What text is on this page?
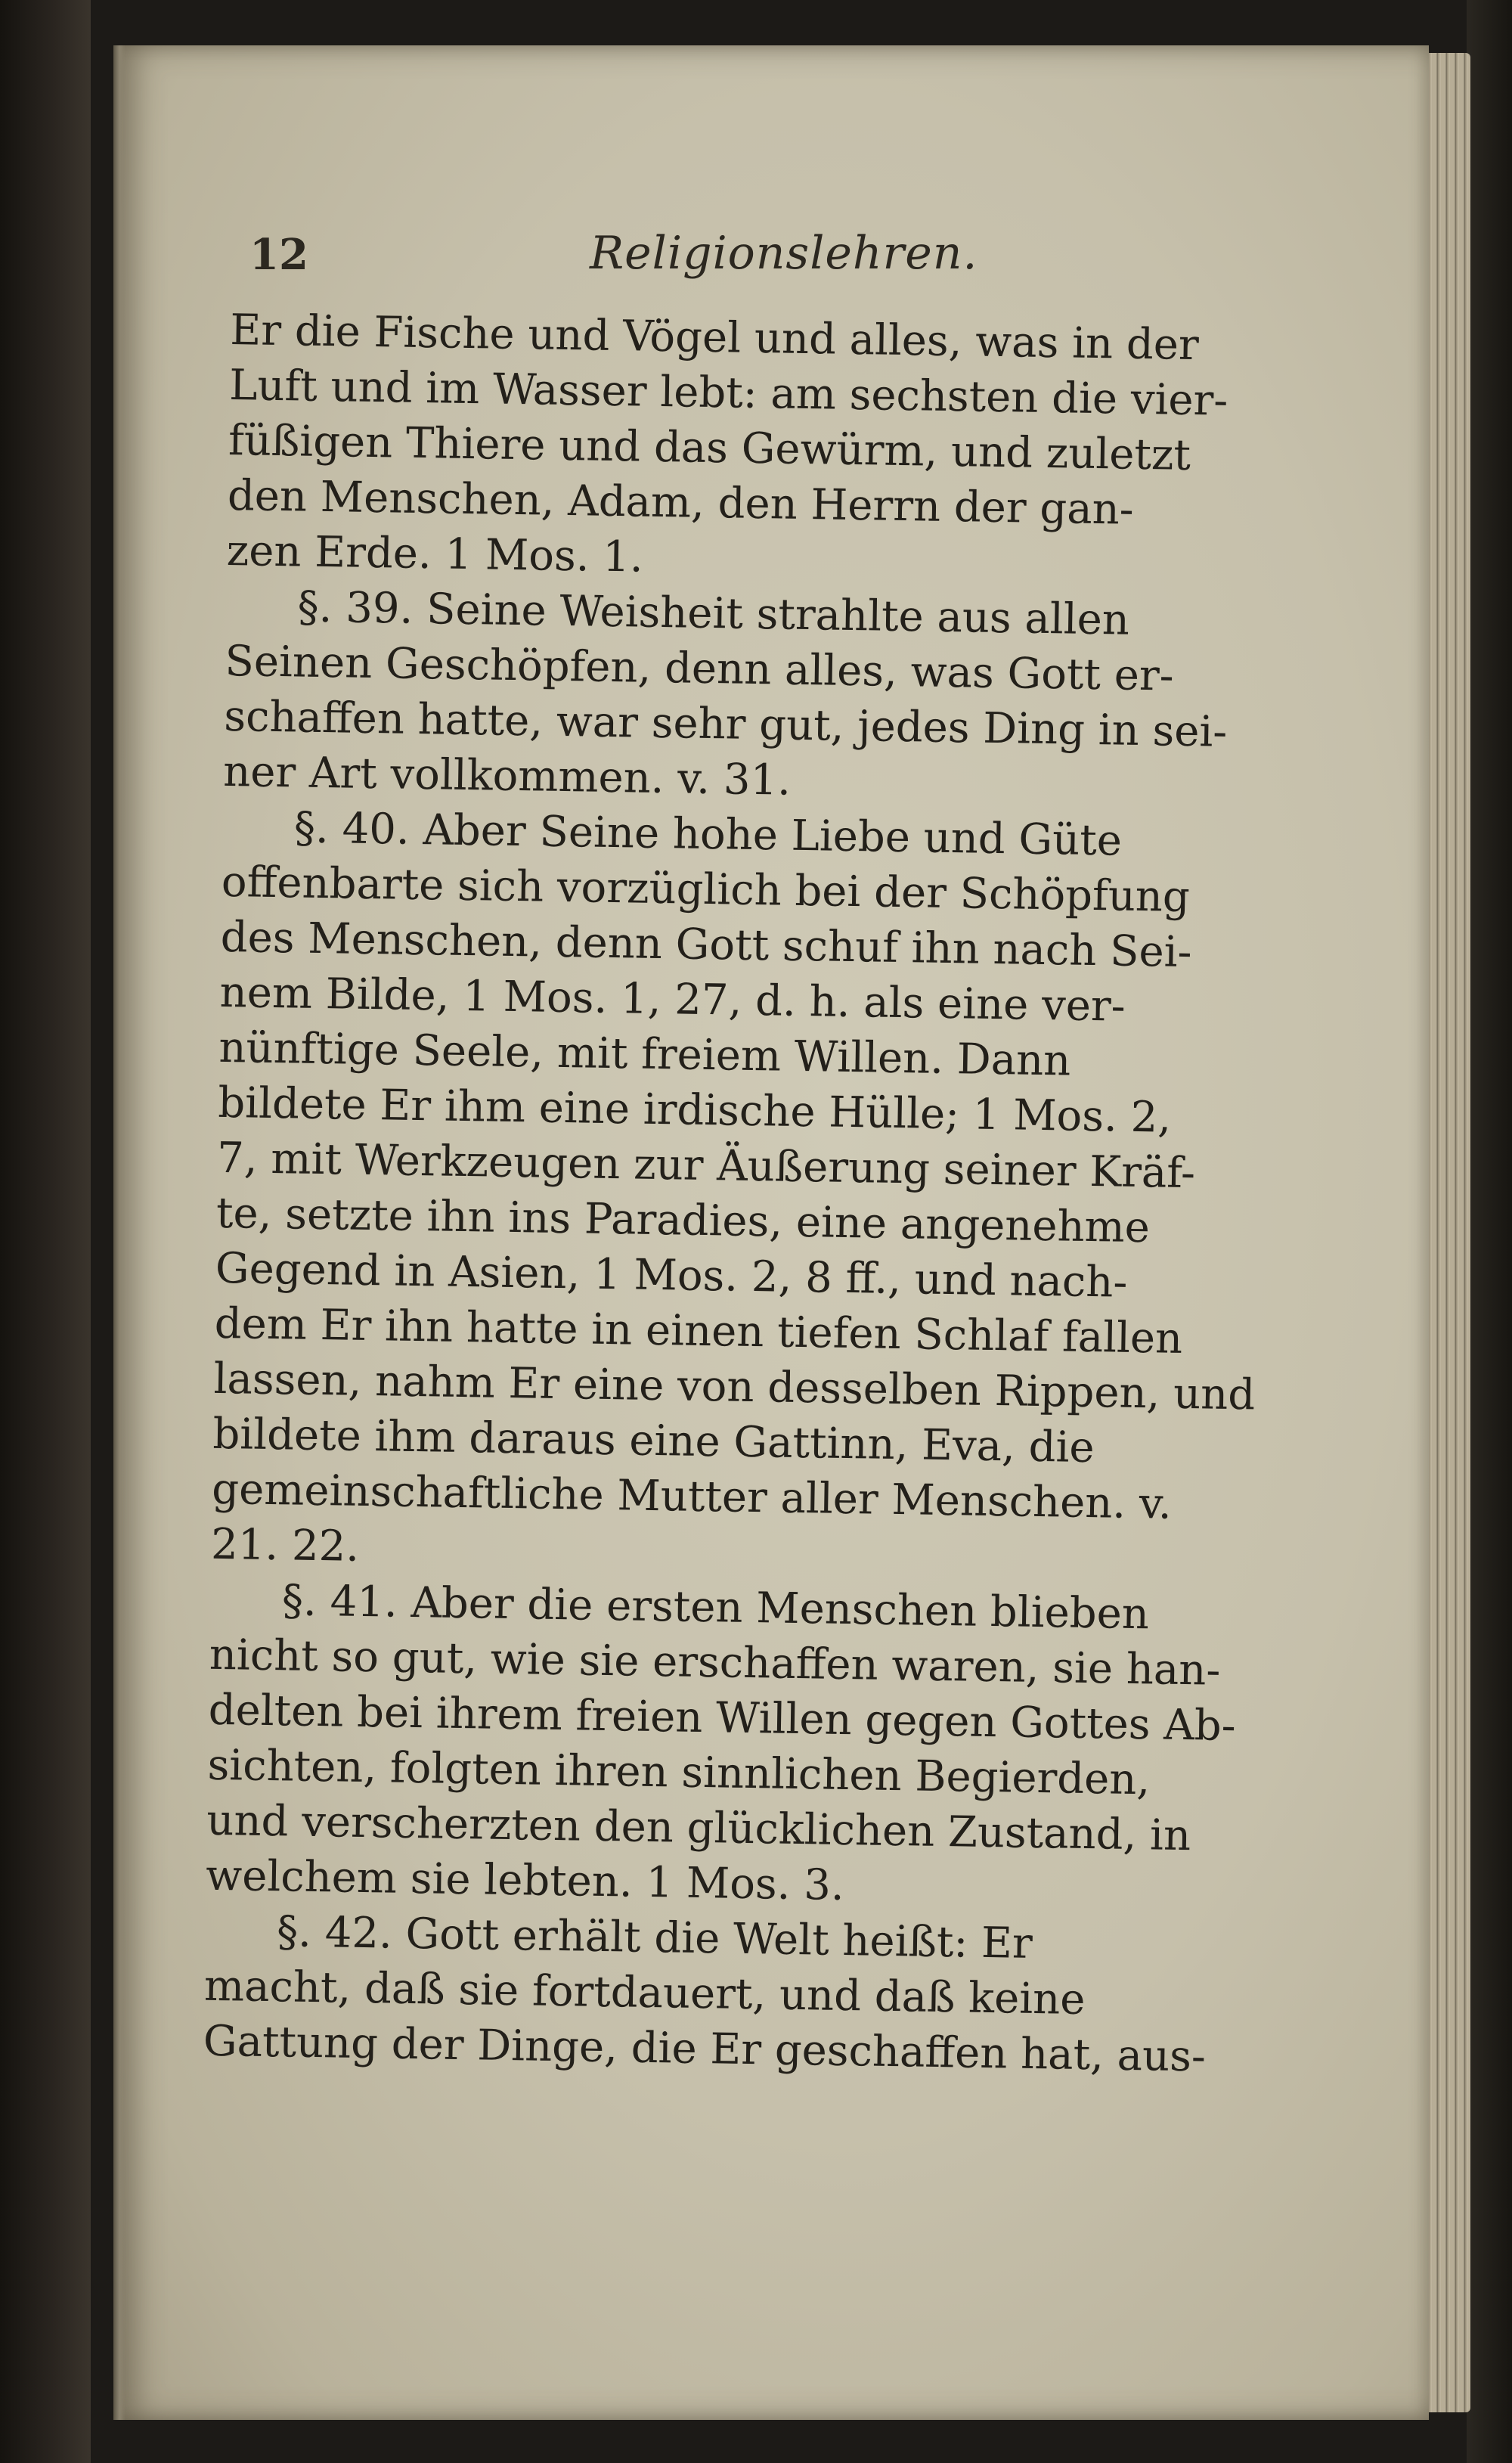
12	Religionslehren.
Er die Fische und Vögel und alles, was in der
Luft und im Wasser lebt: am sechsten die vier-
füßigen Thiere und das Gewürm, und zuletzt
den Menschen, Adam, den Herrn der gan-
zen Erde. 1 Mos. 1.
§. 39. Seine Weisheit strahlte aus allen
Seinen Geschöpfen, denn alles, was Gott er-
schaffen hatte, war sehr gut, jedes Ding in sei-
ner Art vollkommen. v. 31.
§. 40. Aber Seine hohe Liebe und Güte
offenbarte sich vorzüglich bei der Schöpfung
des Menschen, denn Gott schuf ihn nach Sei-
nem Bilde, 1 Mos. 1, 27, d. h. als eine ver-
nünftige Seele, mit freiem Willen. Dann
bildete Er ihm eine irdische Hülle; 1 Mos. 2,
7, mit Werkzeugen zur Äußerung seiner Kräf-
te, setzte ihn ins Paradies, eine angenehme
Gegend in Asien, 1 Mos. 2, 8 ff., und nach-
dem Er ihn hatte in einen tiefen Schlaf fallen
lassen, nahm Er eine von desselben Rippen, und
bildete ihm daraus eine Gattinn, Eva, die
gemeinschaftliche Mutter aller Menschen. v.
21. 22.
§. 41. Aber die ersten Menschen blieben
nicht so gut, wie sie erschaffen waren, sie han-
delten bei ihrem freien Willen gegen Gottes Ab-
sichten, folgten ihren sinnlichen Begierden,
und verscherzten den glücklichen Zustand, in
welchem sie lebten. 1 Mos. 3.
§. 42. Gott erhält die Welt heißt: Er
macht, daß sie fortdauert, und daß keine
Gattung der Dinge, die Er geschaffen hat, aus-
